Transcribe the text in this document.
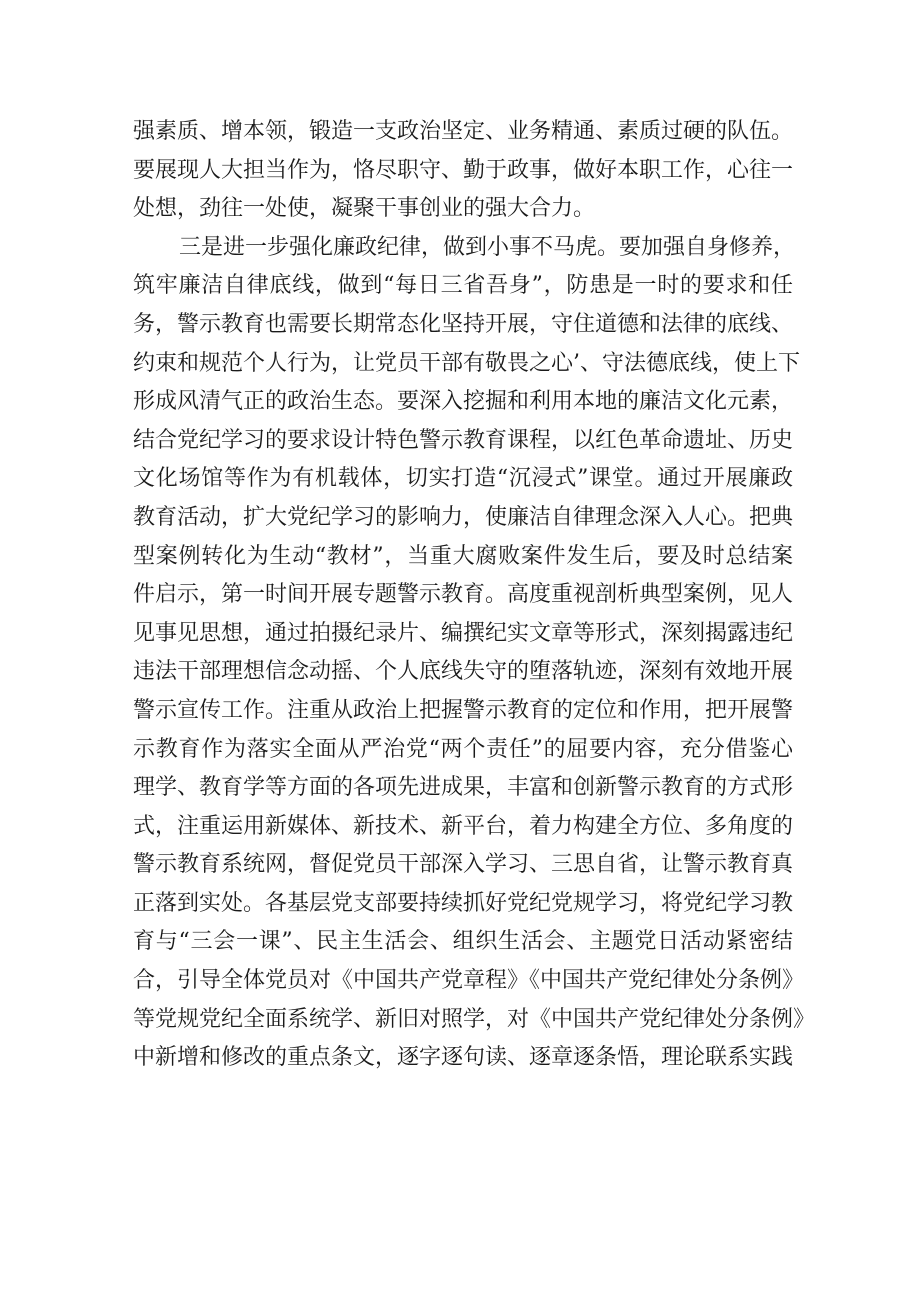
强素质、增本领，锻造一支政治坚定、业务精通、素质过硬的队伍。
要展现人大担当作为，恪尽职守、勤于政事，做好本职工作，心往一
处想，劲往一处使，凝聚干事创业的强大合力。
三是进一步强化廉政纪律，做到小事不马虎。要加强自身修养，
筑牢廉洁自律底线，做到“每日三省吾身”，防患是一时的要求和任
务，警示教育也需要长期常态化坚持开展，守住道德和法律的底线、
约束和规范个人行为，让党员干部有敬畏之心’、守法德底线，使上下
形成风清气正的政治生态。要深入挖掘和利用本地的廉洁文化元素，
结合党纪学习的要求设计特色警示教育课程，以红色革命遗址、历史
文化场馆等作为有机载体，切实打造“沉浸式”课堂。通过开展廉政
教育活动，扩大党纪学习的影响力，使廉洁自律理念深入人心。把典
型案例转化为生动“教材”，当重大腐败案件发生后，要及时总结案
件启示，第一时间开展专题警示教育。高度重视剖析典型案例，见人
见事见思想，通过拍摄纪录片、编撰纪实文章等形式，深刻揭露违纪
违法干部理想信念动摇、个人底线失守的堕落轨迹，深刻有效地开展
警示宣传工作。注重从政治上把握警示教育的定位和作用，把开展警
示教育作为落实全面从严治党“两个责任”的屈要内容，充分借鉴心
理学、教育学等方面的各项先进成果，丰富和创新警示教育的方式形
式，注重运用新媒体、新技术、新平台，着力构建全方位、多角度的
警示教育系统网，督促党员干部深入学习、三思自省，让警示教育真
正落到实处。各基层党支部要持续抓好党纪党规学习，将党纪学习教
育与“三会一课”、民主生活会、组织生活会、主题党日活动紧密结
合，引导全体党员对《中国共产党章程》《中国共产党纪律处分条例》
等党规党纪全面系统学、新旧对照学，对《中国共产党纪律处分条例》
中新增和修改的重点条文，逐字逐句读、逐章逐条悟，理论联系实践
